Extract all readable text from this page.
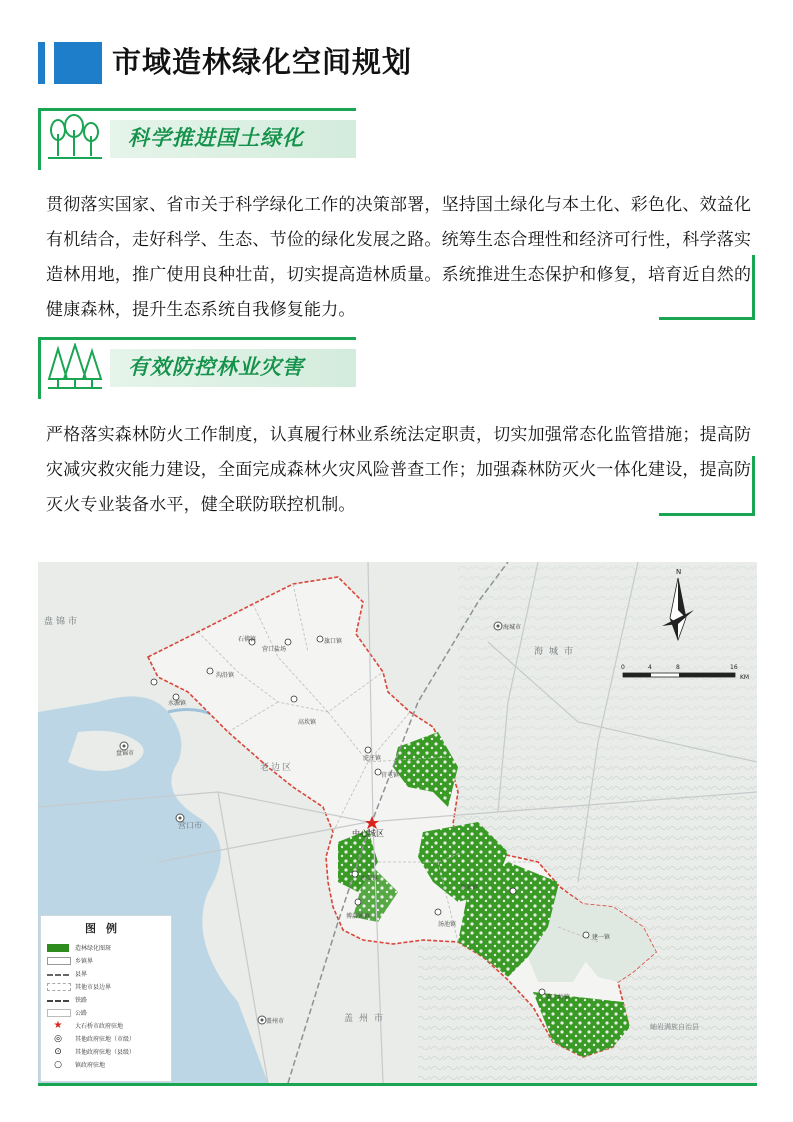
市域造林绿化空间规划
科学推进国土绿化
贯彻落实国家、省市关于科学绿化工作的决策部署，坚持国土绿化与本土化、彩色化、效益化有机结合，走好科学、生态、节俭的绿化发展之路。统筹生态合理性和经济可行性，科学落实造林用地，推广使用良种壮苗，切实提高造林质量。系统推进生态保护和修复，培育近自然的健康森林，提升生态系统自我修复能力。
有效防控林业灾害
严格落实森林防火工作制度，认真履行林业系统法定职责，切实加强常态化监管措施；提高防灾减灾救灾能力建设，全面完成森林火灾风险普查工作；加强森林防灭火一体化建设，提高防灭火专业装备水平，健全联防联控机制。
石佛镇
营口盐场
旗口镇
沟沿镇
水源镇
高坎镇
虎庄镇
官屯镇
永安镇
周家镇
博洛铺镇
汤池镇
建一镇
黄土岭镇
中心城区
海城市
盘锦市
盖州市
营口市
盘锦市
海城市
老边区
盖州市
岫岩满族自治县
N
0	4	8	16
KM
图例
造林绿化图斑
乡镇界
县界
其他市县边界
铁路
公路
★	大石桥市政府驻地
◎	其他政府驻地（市级）
⊙	其他政府驻地（县级）
○	镇政府驻地
